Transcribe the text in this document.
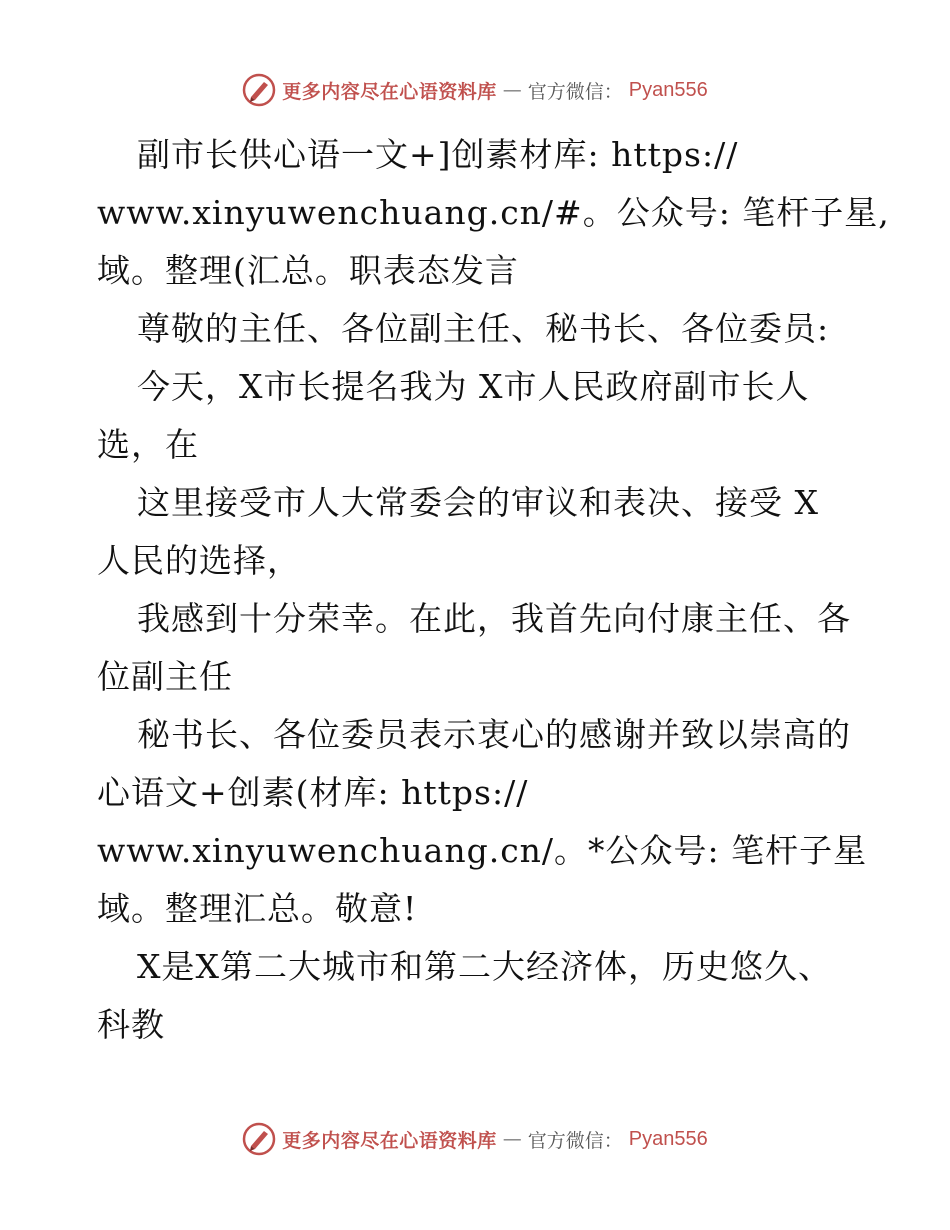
更多内容尽在心语资料库 — 官方微信： Pyan556
副市长供心语一文+]创素材库: https://
www.xinyuwenchuang.cn/#。公众号: 笔杆子星,
域。整理(汇总。职表态发言
尊敬的主任、各位副主任、秘书长、各位委员:
今天，X市长提名我为 X市人民政府副市长人
选，在
这里接受市人大常委会的审议和表决、接受 X
人民的选择，
我感到十分荣幸。在此，我首先向付康主任、各
位副主任
秘书长、各位委员表示衷心的感谢并致以崇高的
心语文+创素(材库: https://
www.xinyuwenchuang.cn/。*公众号: 笔杆子星
域。整理汇总。敬意!
X是X第二大城市和第二大经济体，历史悠久、
科教
更多内容尽在心语资料库 — 官方微信： Pyan556
